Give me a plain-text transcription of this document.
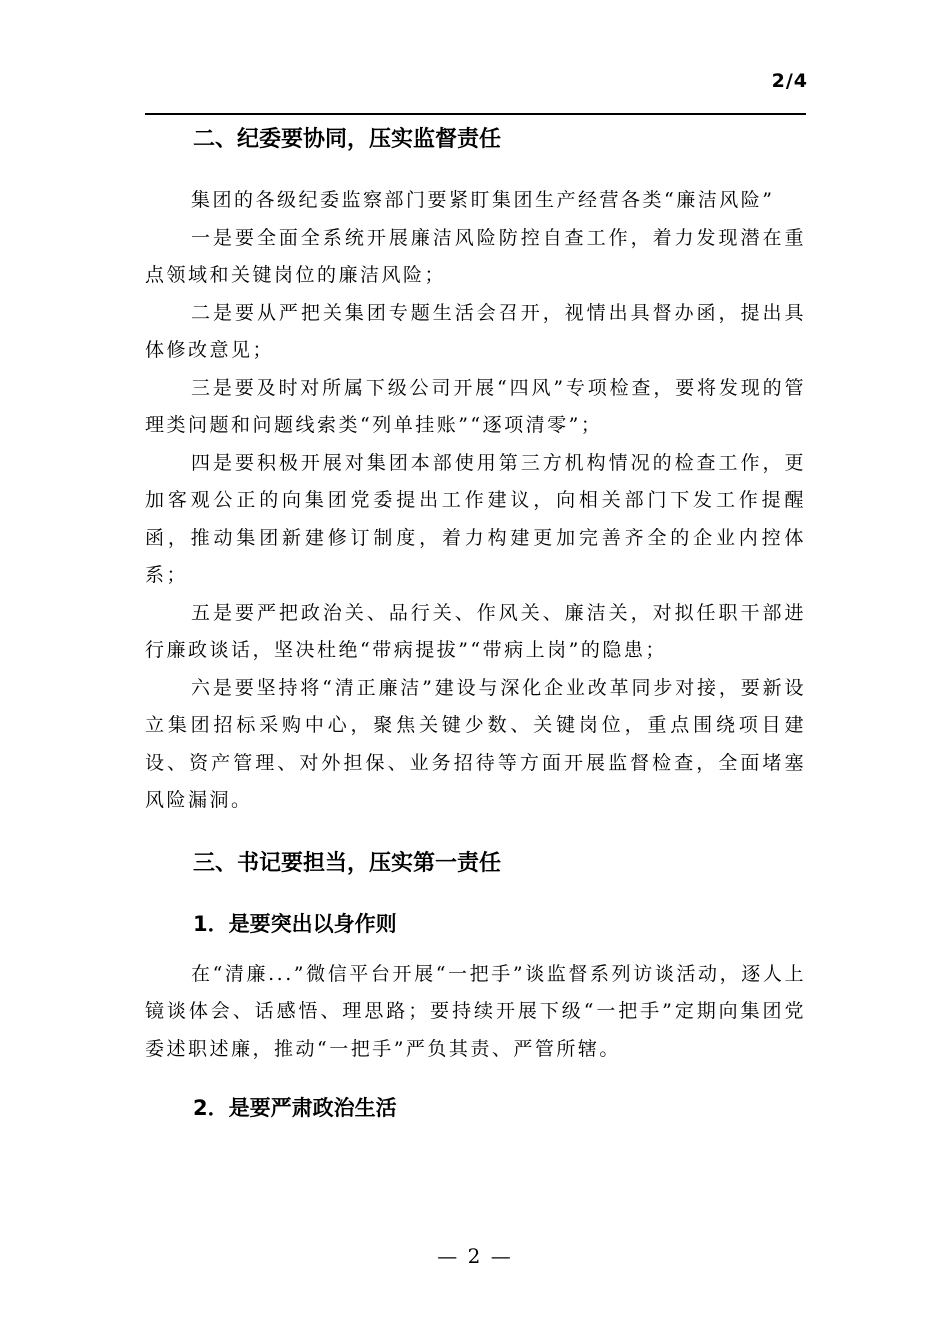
2/4
二、纪委要协同，压实监督责任

集团的各级纪委监察部门要紧盯集团生产经营各类“廉洁风险”

一是要全面全系统开展廉洁风险防控自查工作，着力发现潜在重点领域和关键岗位的廉洁风险；

二是要从严把关集团专题生活会召开，视情出具督办函，提出具体修改意见；

三是要及时对所属下级公司开展“四风”专项检查，要将发现的管理类问题和问题线索类“列单挂账”“逐项清零”；

四是要积极开展对集团本部使用第三方机构情况的检查工作，更加客观公正的向集团党委提出工作建议，向相关部门下发工作提醒函，推动集团新建修订制度，着力构建更加完善齐全的企业内控体系；

五是要严把政治关、品行关、作风关、廉洁关，对拟任职干部进行廉政谈话，坚决杜绝“带病提拔”“带病上岗”的隐患；

六是要坚持将“清正廉洁”建设与深化企业改革同步对接，要新设立集团招标采购中心，聚焦关键少数、关键岗位，重点围绕项目建设、资产管理、对外担保、业务招待等方面开展监督检查，全面堵塞风险漏洞。

三、书记要担当，压实第一责任
1．是要突出以身作则

在“清廉...”微信平台开展“一把手”谈监督系列访谈活动，逐人上镜谈体会、话感悟、理思路；要持续开展下级“一把手”定期向集团党委述职述廉，推动“一把手”严负其责、严管所辖。

2．是要严肃政治生活
— 2 —
